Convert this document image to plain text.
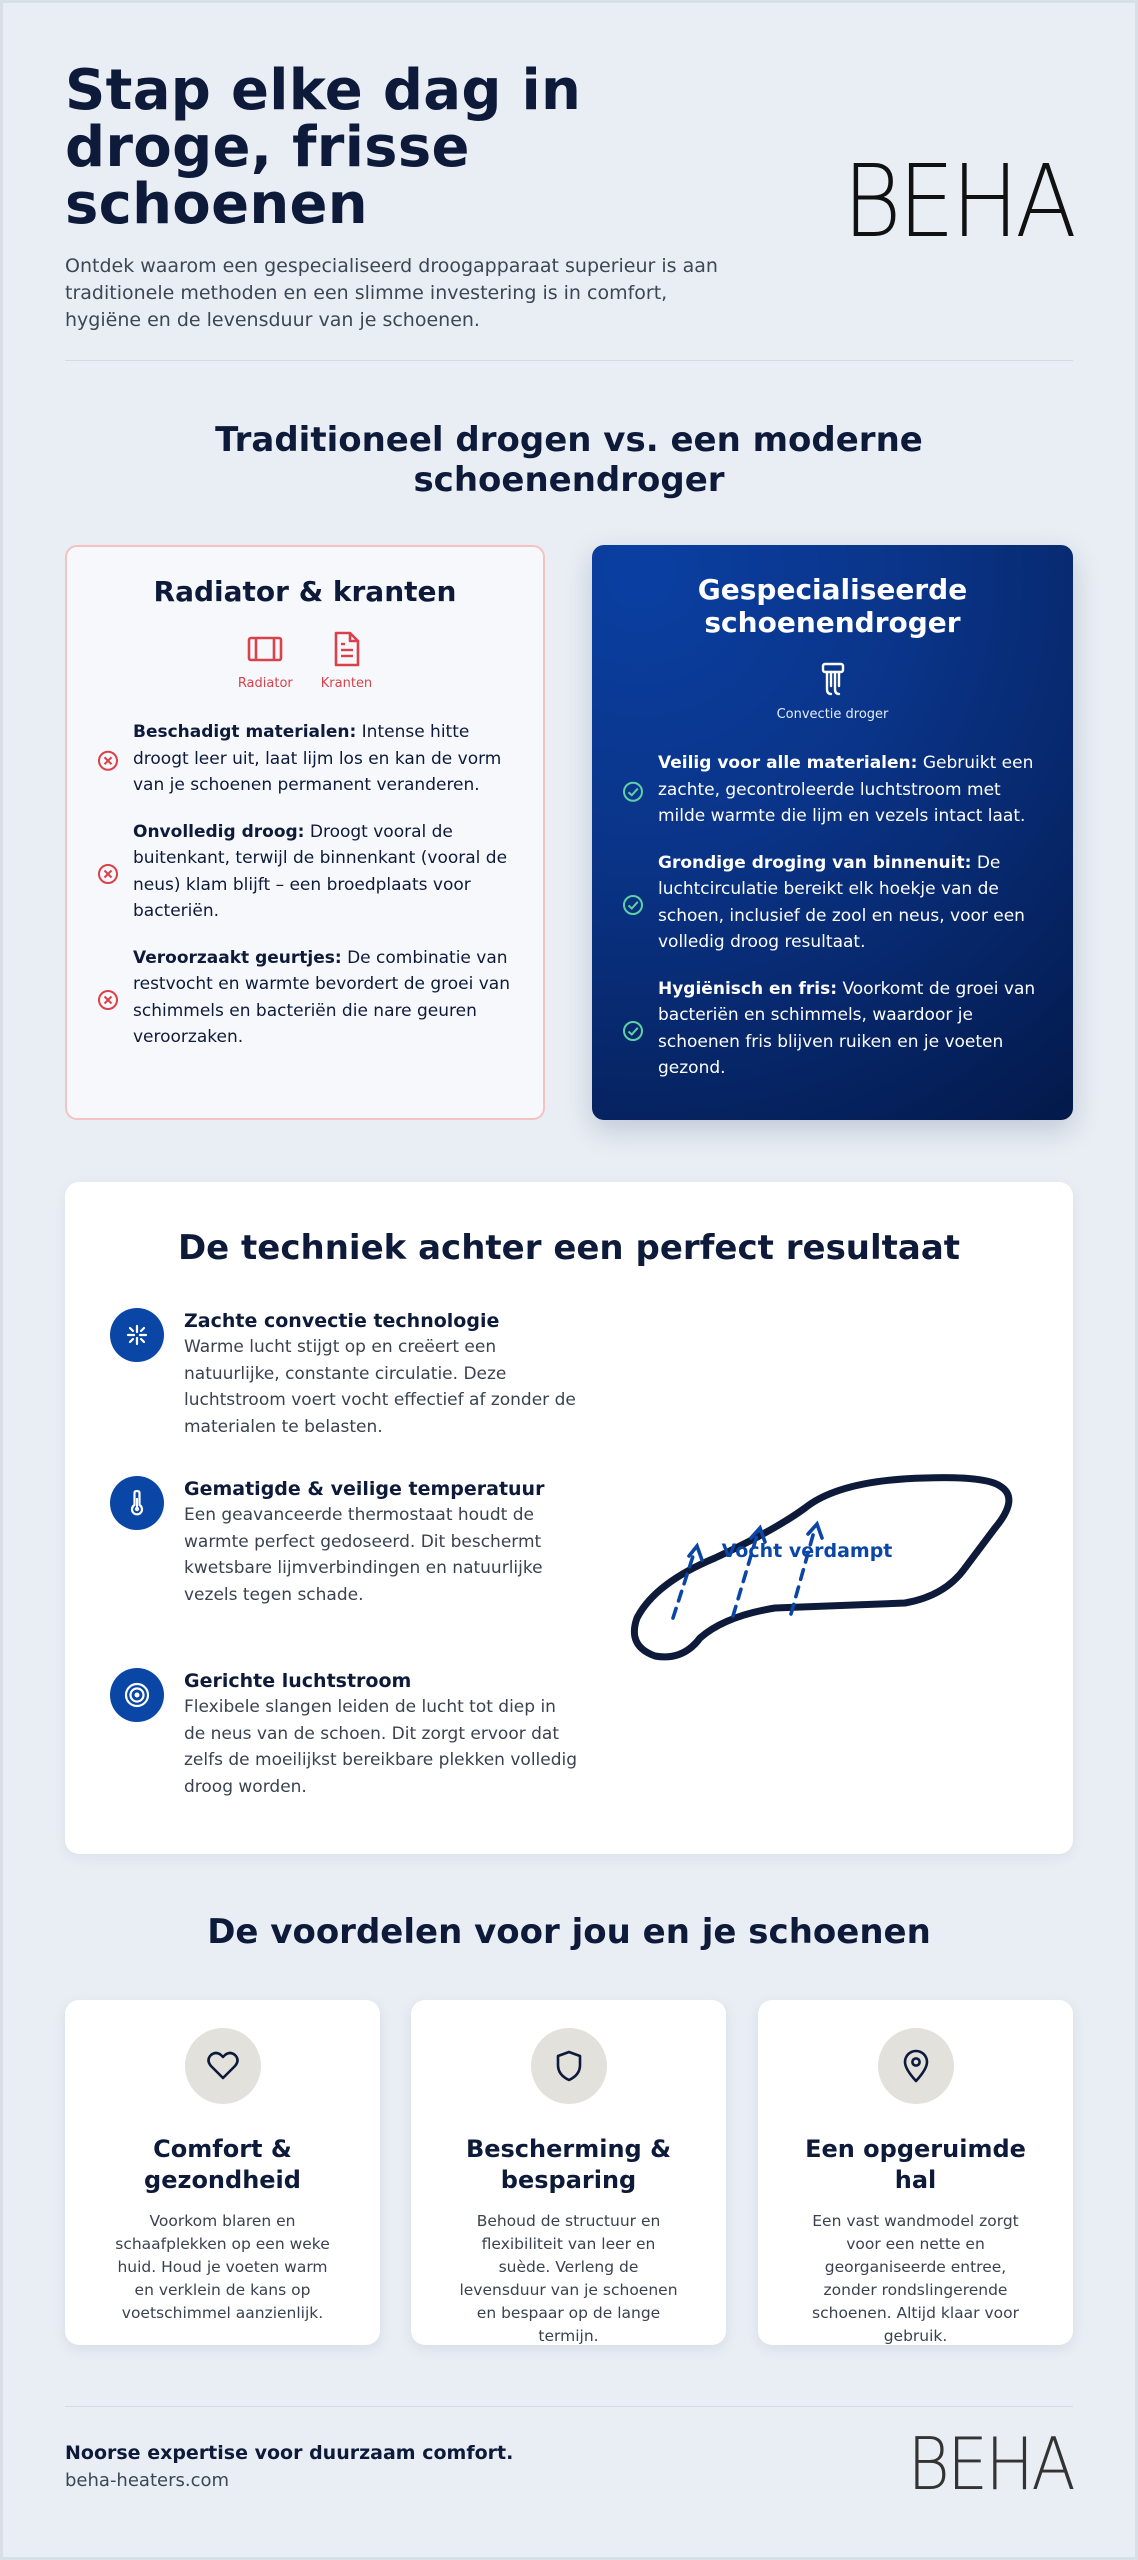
Stap elke dag in droge, frisse schoenen

Ontdek waarom een gespecialiseerd droogapparaat superieur is aan traditionele methoden en een slimme investering is in comfort, hygiëne en de levensduur van je schoenen.

BEHA
Traditioneel drogen vs. een moderne schoenendroger
Radiator & kranten
Radiator Kranten
Beschadigt materialen: Intense hitte droogt leer uit, laat lijm los en kan de vorm van je schoenen permanent veranderen.
Onvolledig droog: Droogt vooral de buitenkant, terwijl de binnenkant (vooral de neus) klam blijft – een broedplaats voor bacteriën.
Veroorzaakt geurtjes: De combinatie van restvocht en warmte bevordert de groei van schimmels en bacteriën die nare geuren veroorzaken.
Gespecialiseerde schoenendroger
Convectie droger
Veilig voor alle materialen: Gebruikt een zachte, gecontroleerde luchtstroom met milde warmte die lijm en vezels intact laat.
Grondige droging van binnenuit: De luchtcirculatie bereikt elk hoekje van de schoen, inclusief de zool en neus, voor een volledig droog resultaat.
Hygiënisch en fris: Voorkomt de groei van bacteriën en schimmels, waardoor je schoenen fris blijven ruiken en je voeten gezond.
De techniek achter een perfect resultaat
Zachte convectie technologie

Warme lucht stijgt op en creëert een natuurlijke, constante circulatie. Deze luchtstroom voert vocht effectief af zonder de materialen te belasten.

Gematigde & veilige temperatuur

Een geavanceerde thermostaat houdt de warmte perfect gedoseerd. Dit beschermt kwetsbare lijmverbindingen en natuurlijke vezels tegen schade.

Gerichte luchtstroom

Flexibele slangen leiden de lucht tot diep in de neus van de schoen. Dit zorgt ervoor dat zelfs de moeilijkst bereikbare plekken volledig droog worden.

Vocht verdampt
De voordelen voor jou en je schoenen
Comfort & gezondheid

Voorkom blaren en schaafplekken op een weke huid. Houd je voeten warm en verklein de kans op voetschimmel aanzienlijk.

Bescherming & besparing

Behoud de structuur en flexibiliteit van leer en suède. Verleng de levensduur van je schoenen en bespaar op de lange termijn.

Een opgeruimde hal

Een vast wandmodel zorgt voor een nette en georganiseerde entree, zonder rondslingerende schoenen. Altijd klaar voor gebruik.

Noorse expertise voor duurzaam comfort.
beha-heaters.com	BEHA
